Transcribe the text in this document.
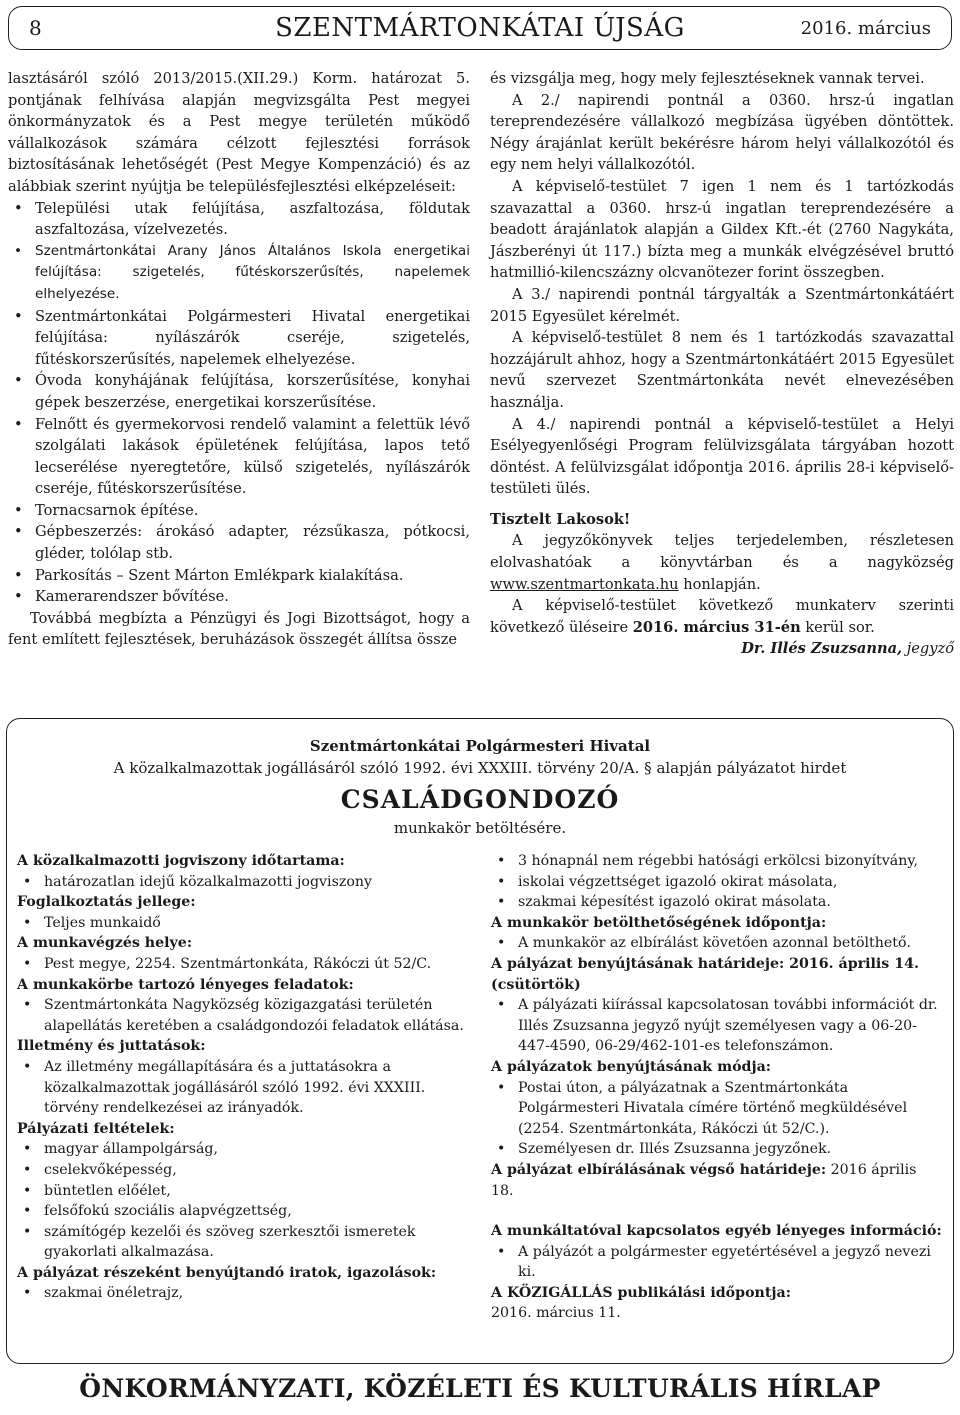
8	SZENTMÁRTONKÁTAI ÚJSÁG	2016. március

lasztásáról szóló 2013/2015.(XII.29.) Korm. határozat 5. pontjának felhívása alapján megvizsgálta Pest megyei önkormányzatok és a Pest megye területén működő vállalkozások számára célzott fejlesztési források biztosításának lehetőségét (Pest Megye Kompenzáció) és az alábbiak szerint nyújtja be településfejlesztési elképzeléseit:

• Települési utak felújítása, aszfaltozása, földutak aszfaltozása, vízelvezetés.
• Szentmártonkátai Arany János Általános Iskola energetikai felújítása: szigetelés, fűtéskorszerűsítés, napelemek elhelyezése.
• Szentmártonkátai Polgármesteri Hivatal energetikai felújítása: nyílászárók cseréje, szigetelés, fűtéskorszerűsítés, napelemek elhelyezése.
• Óvoda konyhájának felújítása, korszerűsítése, konyhai gépek beszerzése, energetikai korszerűsítése.
• Felnőtt és gyermekorvosi rendelő valamint a felettük lévő szolgálati lakások épületének felújítása, lapos tető lecserélése nyeregtetőre, külső szigetelés, nyílászárók cseréje, fűtéskorszerűsítése.
• Tornacsarnok építése.
• Gépbeszerzés: árokásó adapter, rézsűkasza, pótkocsi, gléder, tolólap stb.
• Parkosítás – Szent Márton Emlékpark kialakítása.
• Kamerarendszer bővítése.

Továbbá megbízta a Pénzügyi és Jogi Bizottságot, hogy a fent említett fejlesztések, beruházások összegét állítsa össze

és vizsgálja meg, hogy mely fejlesztéseknek vannak tervei.

A 2./ napirendi pontnál a 0360. hrsz-ú ingatlan tereprendezésére vállalkozó megbízása ügyében döntöttek. Négy árajánlat került bekérésre három helyi vállalkozótól és egy nem helyi vállalkozótól.

A képviselő-testület 7 igen 1 nem és 1 tartózkodás szavazattal a 0360. hrsz-ú ingatlan tereprendezésére a beadott árajánlatok alapján a Gildex Kft.-ét (2760 Nagykáta, Jászberényi út 117.) bízta meg a munkák elvégzésével bruttó hatmillió-kilencszázny olcvanötezer forint összegben.

A 3./ napirendi pontnál tárgyalták a Szentmártonkátáért 2015 Egyesület kérelmét.

A képviselő-testület 8 nem és 1 tartózkodás szavazattal hozzájárult ahhoz, hogy a Szentmártonkátáért 2015 Egyesület nevű szervezet Szentmártonkáta nevét elnevezésében használja.

A 4./ napirendi pontnál a képviselő-testület a Helyi Esélyegyenlőségi Program felülvizsgálata tárgyában hozott döntést. A felülvizsgálat időpontja 2016. április 28-i képviselő-testületi ülés.

Tisztelt Lakosok!

A jegyzőkönyvek teljes terjedelemben, részletesen elolvashatóak a könyvtárban és a nagyközség www.szentmartonkata.hu honlapján.

A képviselő-testület következő munkaterv szerinti következő üléseire 2016. március 31-én kerül sor.

Dr. Illés Zsuzsanna, jegyző

Szentmártonkátai Polgármesteri Hivatal
A közalkalmazottak jogállásáról szóló 1992. évi XXXIII. törvény 20/A. § alapján pályázatot hirdet
CSALÁDGONDOZÓ
munkakör betöltésére.
A közalkalmazotti jogviszony időtartama:
• határozatlan idejű közalkalmazotti jogviszony
Foglalkoztatás jellege:
• Teljes munkaidő
A munkavégzés helye:
• Pest megye, 2254. Szentmártonkáta, Rákóczi út 52/C.
A munkakörbe tartozó lényeges feladatok:
• Szentmártonkáta Nagyközség közigazgatási területén alapellátás keretében a családgondozói feladatok ellátása.
Illetmény és juttatások:
• Az illetmény megállapítására és a juttatásokra a közalkalmazottak jogállásáról szóló 1992. évi XXXIII. törvény rendelkezései az irányadók.
Pályázati feltételek:
• magyar állampolgárság,
• cselekvőképesség,
• büntetlen előélet,
• felsőfokú szociális alapvégzettség,
• számítógép kezelői és szöveg szerkesztői ismeretek gyakorlati alkalmazása.
A pályázat részeként benyújtandó iratok, igazolások:
• szakmai önéletrajz,
• 3 hónapnál nem régebbi hatósági erkölcsi bizonyítvány,
• iskolai végzettséget igazoló okirat másolata,
• szakmai képesítést igazoló okirat másolata.
A munkakör betölthetőségének időpontja:
• A munkakör az elbírálást követően azonnal betölthető.
A pályázat benyújtásának határideje: 2016. április 14. (csütörtök)
• A pályázati kiírással kapcsolatosan további információt dr. Illés Zsuzsanna jegyző nyújt személyesen vagy a 06-20-447-4590, 06-29/462-101-es telefonszámon.
A pályázatok benyújtásának módja:
• Postai úton, a pályázatnak a Szentmártonkáta Polgármesteri Hivatala címére történő megküldésével (2254. Szentmártonkáta, Rákóczi út 52/C.).
• Személyesen dr. Illés Zsuzsanna jegyzőnek.
A pályázat elbírálásának végső határideje: 2016 április 18.
A munkáltatóval kapcsolatos egyéb lényeges információ:
• A pályázót a polgármester egyetértésével a jegyző nevezi ki.
A KÖZIGÁLLÁS publikálási időpontja:
2016. március 11.
ÖNKORMÁNYZATI, KÖZÉLETI ÉS KULTURÁLIS HÍRLAP
